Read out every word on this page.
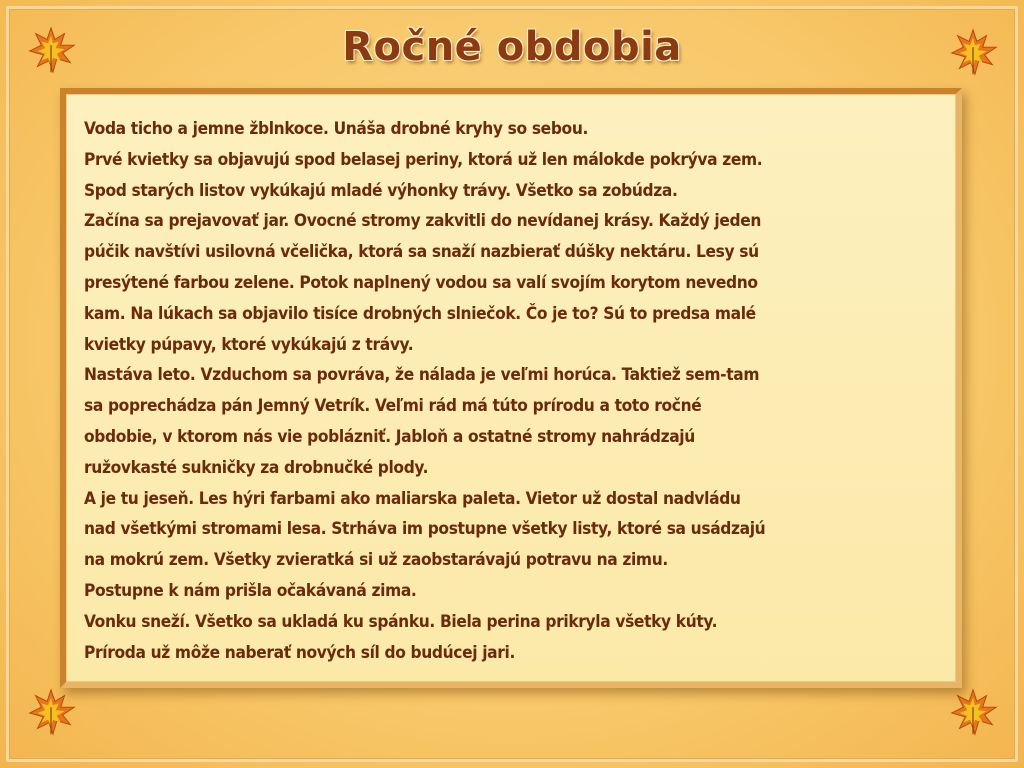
Ročné obdobia

Voda ticho a jemne žblnkoce. Unáša drobné kryhy so sebou.

Prvé kvietky sa objavujú spod belasej periny, ktorá už len málokde pokrýva zem.

Spod starých listov vykúkajú mladé výhonky trávy. Všetko sa zobúdza.

Začína sa prejavovať jar. Ovocné stromy zakvitli do nevídanej krásy. Každý jeden

púčik navštívi usilovná včelička, ktorá sa snaží nazbierať dúšky nektáru. Lesy sú

presýtené farbou zelene. Potok naplnený vodou sa valí svojím korytom nevedno

kam. Na lúkach sa objavilo tisíce drobných slniečok. Čo je to? Sú to predsa malé

kvietky púpavy, ktoré vykúkajú z trávy.

Nastáva leto. Vzduchom sa povráva, že nálada je veľmi horúca. Taktiež sem-tam

sa poprechádza pán Jemný Vetrík. Veľmi rád má túto prírodu a toto ročné

obdobie, v ktorom nás vie poblázniť. Jabloň a ostatné stromy nahrádzajú

ružovkasté sukničky za drobnučké plody.

A je tu jeseň. Les hýri farbami ako maliarska paleta. Vietor už dostal nadvládu

nad všetkými stromami lesa. Strháva im postupne všetky listy, ktoré sa usádzajú

na mokrú zem. Všetky zvieratká si už zaobstarávajú potravu na zimu.

Postupne k nám prišla očakávaná zima.

Vonku sneží. Všetko sa ukladá ku spánku. Biela perina prikryla všetky kúty.

Príroda už môže naberať nových síl do budúcej jari.
